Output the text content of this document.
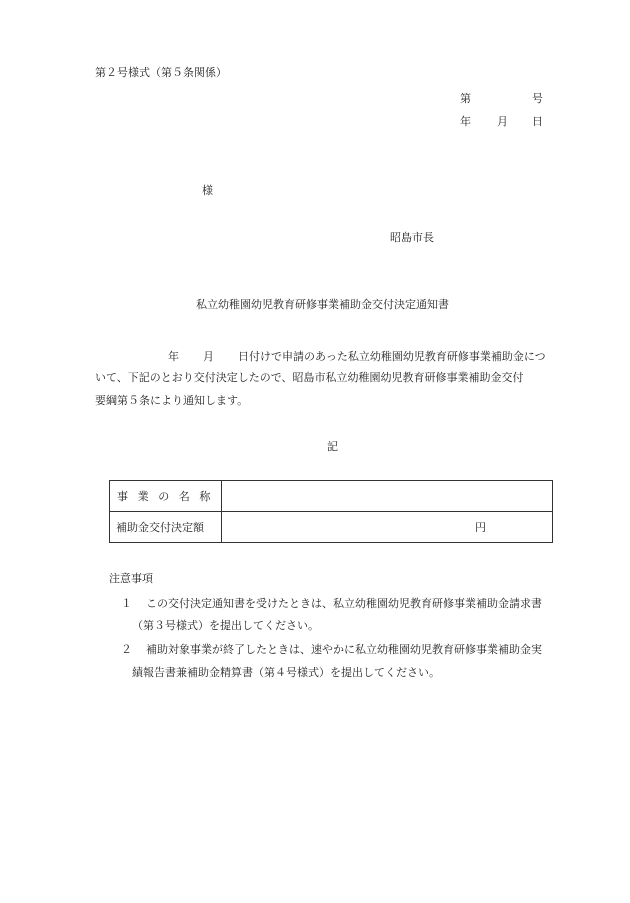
第２号様式（第５条関係）
第	号
年 月 日
様
昭島市長
私立幼稚園幼児教育研修事業補助金交付決定通知書
年 月 日付けで申請のあった私立幼稚園幼児教育研修事業補助金につ
いて、下記のとおり交付決定したので、昭島市私立幼稚園幼児教育研修事業補助金交付
要綱第５条により通知します。
記
事業の名称	
補助金交付決定額	円
注意事項
１ この交付決定通知書を受けたときは、私立幼稚園幼児教育研修事業補助金請求書
（第３号様式）を提出してください。
２ 補助対象事業が終了したときは、速やかに私立幼稚園幼児教育研修事業補助金実
績報告書兼補助金精算書（第４号様式）を提出してください。
